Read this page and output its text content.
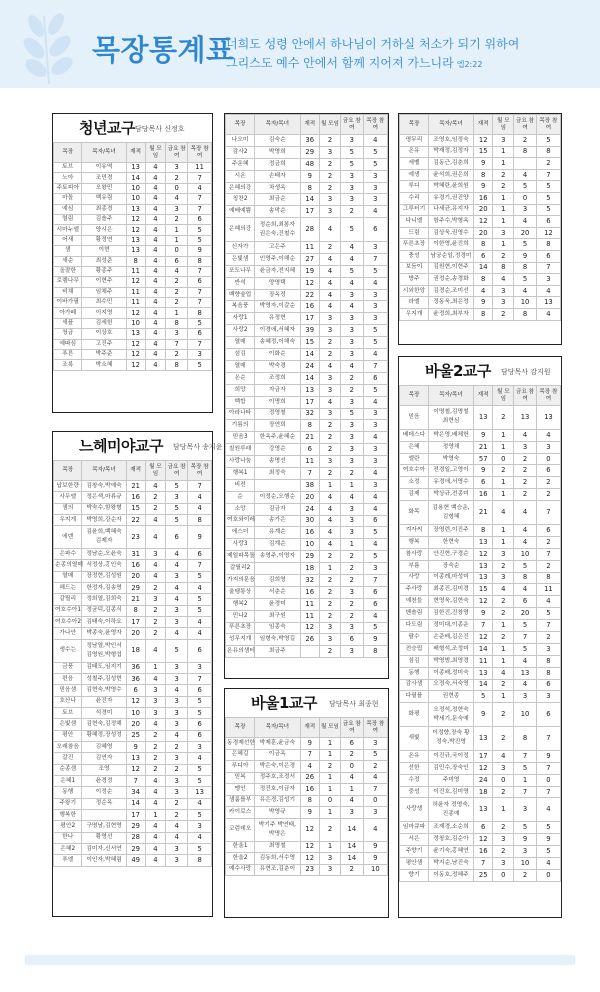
목장통계표
너희도 성령 안에서 하나님이 거하실 처소가 되기 위하여
그리스도 예수 안에서 함께 지어져 가느니라 엡2:22
청년교구 담당목사 신정호
목장	목자/목녀	재적	월 모임	금요 참여	목장 참여
토브	이유역	13	4	3	11
노아	조민경	14	4	2	7
주토피아	오왕민	10	4	0	4
마돌	백유림	10	4	4	7
예심	최종경	13	4	3	7
열림	김솔주	12	4	2	6
시마누엘	양시은	12	4	1	5
어새	황정연	13	4	1	5
샘	이현	13	4	0	9
새순	최성준	8	4	6	8
올잘한	황종주	11	4	4	7
로렘나무	이현주	12	4	2	6
비채	임채주	11	4	2	7
이바가필	최수민	11	4	2	7
아가페	이지영	12	4	1	8
새플	김세헌	10	4	8	5
청금	이상호	13	4	3	6
예따심	고진주	12	4	7	7
푸른	박주준	12	4	2	3
조록	박소혜	12	4	8	5
느헤미야교구 담당목사 송지윤
목장	목자/목녀	재적	월 모임	금요 참여	목장 참여
납보한량	김창숙,박예숙	21	4	5	7
사무엘	정은색,마류규	16	2	3	4
샘의	박숙수,함왕형	15	2	5	4
우지개	박영희,강순자	22	4	5	8
에덴	김윤희,백혜숙 김제자	23	4	6	9
은파수	정남순,오윤숙	31	3	4	6
순종의열매	서정상,홍인숙	16	4	4	7
열매	장정현,김성원	20	4	3	5
헤드는	한정자,김송명	29	2	4	4
갈릴리	정희열,김희숙	21	3	4	5
여호수아1	정균덕,김종식	8	2	3	5
여호수아2	김태숙,이하요	17	2	3	4
가나안	박종숙,윤영자	20	2	4	4
생수는	정남열,박인서 김영원,박형섭	18	4	5	6
금풍	김태도,임지기	36	1	3	3
편음	성철주,김성현	36	4	3	7
믿음샘	김현숙,박영수	6	3	4	6
호산나	윤진자	12	3	3	5
토브	석경미	10	3	3	5
은빛샘	김현숙,김정해	20	4	3	6
평안	황혜정,장성정	25	2	4	6
오래참음	김혜영	9	2	2	3
갈진	김연자	13	2	3	4
순종샘	조영	12	2	2	5
은혜1	윤경정	7	4	3	5
동행	이정순	34	4	3	13
주왕기	정순옥	14	4	2	4
행복한		17	1	2	5
평안2	구명남,김현영	29	4	4	3
한나	황영선	28	4	4	4
은혜2	김미자,신서연	29	4	3	5
푸엘	이인자,박혜림	49	4	3	8
목장	목자/목녀	재적	월 모임	금요 참여	목장 참여
나오미	김숙순	36	2	3	4
감사2	박영희	29	3	5	5
주운혜	정금희	48	2	5	5
시온	손태자	9	2	3	3
은혜의강	차생옥	8	2	3	3
칭찬2	최금순	14	3	3	3
예배예쁨	송막순	17	3	2	4
은혜의강	정순희,최봉자 권은숙,진철수	28	4	5	6
신자가	고은주	11	2	4	3
은빛샘	인영주,이해순	27	4	4	7
포도나무	윤금자,전지혜	19	4	5	5
반석	양영택	12	4	4	4
백향숲업	장옥정	22	4	3	3
복음풍	박영자,이갈순	16	4	4	3
사랑1	유정현	17	3	3	3
사랑2	이경애,서혜자	39	3	3	5
열매	송혜정,이해숙	15	2	3	5
섬김	이화순	14	2	3	4
열매	박숙경	24	4	4	7
온순	조정희	14	3	2	6
희망	자금자	13	3	2	5
백합	이명희	17	4	3	4
아라나타	정영철	32	3	5	3
기름의	장연희	8	2	3	3
믿음3	한옥주,윤혜순	21	2	3	4
칠원루래	강영순	6	2	3	3
사랑나눔	송명선	11	3	3	3
행복1	최정숙	7	2	2	4
비전		38	1	1	3
순	이정순,오행순	20	4	4	4
소망	김금자	24	4	3	4
여호와이레	송가은	30	4	3	6
에스더	유계순	16	4	3	5
사랑3	김계순	10	4	1	4
제일파목돌	송영주,이명자	29	2	2	5
갈릴리2		18	1	2	3
가지의문음	김희영	32	2	2	7
울탱통상	서춘순	16	2	3	6
행복2	윤경미	11	2	2	6
민나2	최구원	11	2	2	4
푸른초장	임종숙	12	3	3	5
성무지개	임형숙,박영길	26	3	6	9
온유의샘터	최금주		2	3	8
바울1교구 담당목사 최종현
목장	목자/목녀	재적	월 모임	금요 참여	목장 참여
동경제선한	박제훈,윤금숙	9	1	6	3
은혜길	이금옥	7	1	2	5
푸디아	박은숙,이은경	4	2	0	2
믿복	정주호,조정서	26	1	4	4
맹인	정진호,이금자	16	1	1	7
샘룸룹부	유은경,김성기	8	0	4	0
카이로스	박영규	9	1	3	3
코럼데오	박기주 박연태,박명은	12	2	14	4
한울1	최명철	12	1	14	9
한울2	김동희,서수영	12	3	14	9
예수사랑	유현조,김춘이	23	3	2	10
목장	목자/목녀	재적	월 모임	금요 참여	목장 참여
명무리	조영호,임정숙	12	3	2	5
온유	박재정,김정자	15	1	8	8
세벨	김동근,김춘희	9	1		2
예생	윤석희,권은희	8	2	4	7
루디	박혜란,윤희원	9	2	5	5
수리	유경기,권진양	16	1	0	5
그루터기	나세균,유지자	20	1	3	5
다니엘	함주수,박형옥	12	1	4	6
드림	김상욱,권영수	20	3	20	12
푸른초장	이한영,윤진희	8	1	5	8
충성	남궁순일,정경미	6	2	9	6
보듬이	김원현,이현주	14	8	8	7
방주	권정순,송경화	8	4	5	3
시외한앙	김경순,조미선	4	3	4	4
라엘	정동욱,최은정	9	3	10	13
우지개	윤정희,최부자	8	2	8	4
바울2교구 담당목사 감지원
목장	목자/목녀	재적	월 모임	금요 참여	목장 참여
믿음	이명철,김명철 최현심	13	2	13	13
베데스다	박은영,배체헌	9	1	4	4
은혜	정영채	21	1	3	3
엘란	박영숙	57	0	2	0
여호수아	전경일,고영이	9	2	2	6
소정	유경애,서영수	6	1	2	2
김제	박상규,전종미	16	1	2	2
화목	김용현 백승운,김형혜	21	4	4	7
겨자씨	장영련,이진주	8	1	4	6
행복	한현숙	13	1	4	2
참사랑	안진현,구경순	12	3	10	7
부름	장숙순	13	2	5	2
사랑	이종례,마성미	13	3	8	8
주사랑	최종진,김미경	15	4	4	11
예천들	현영욱,김현숙	12	2	6	4
벤솔림	김한진,진창영	9	2	20	5
다도림	정미대,이종운	7	1	5	7
팔수	손준배,김은진	12	2	7	2
전승립	배형석,조정미	14	1	5	3
섬김	박영범,최영경	11	1	4	8
동행	이종배,정미숙	13	4	13	8
감사샘	오정숙,서숙영	14	2	4	6
다필플	권현종	5	1	3	3
화평	오정석,정현숙 박세기,문숙예	9	2	10	6
새빛	이정향,장숙 황정숙,박진영	13	2	8	7
온유	이진규,국이정	17	4	7	9
선한	김민수,장숙인	12	3	5	7
수정	주미영	24	0	1	0
중성	이진호,김미영	18	2	7	7
사랑생	허윤자 정영숙,진종예	13	1	3	4
임마큐파	조재경,소순희	6	2	5	5
서은	정창호,김순아	12	3	9	9
주향기	윤기숙,홍혜연	16	2	3	5
평안샘	박지순,남진숙	7	3	10	4
향기	이동호,정혜주	25	0	2	0
